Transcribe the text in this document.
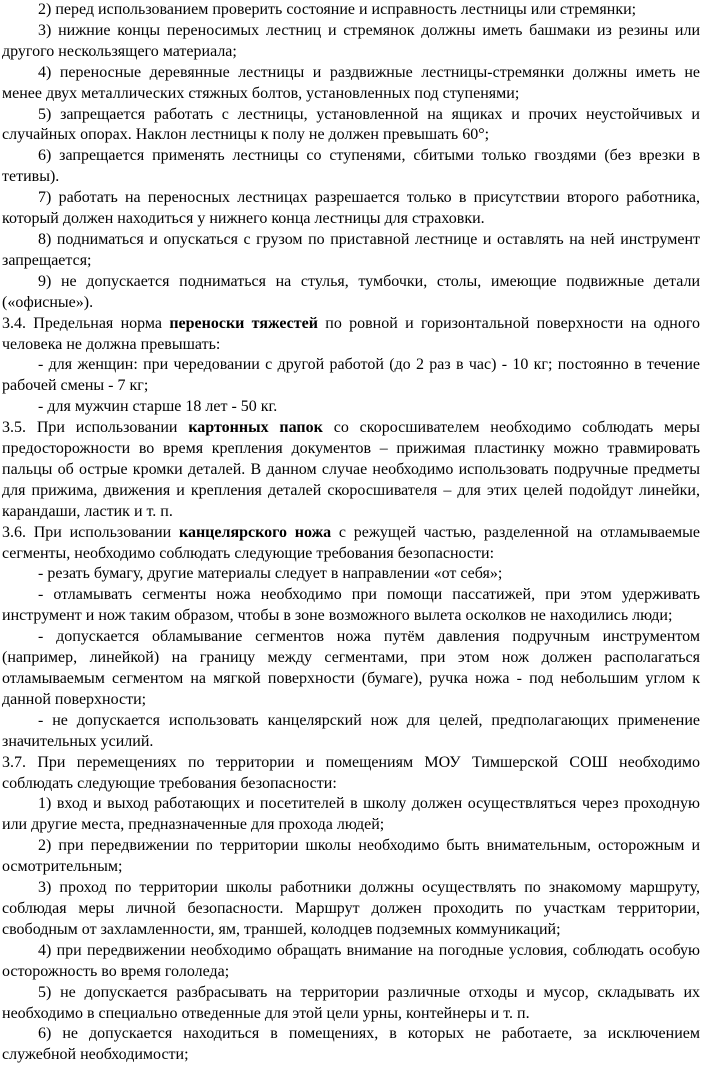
2) перед использованием проверить состояние и исправность лестницы или стремянки;

3) нижние концы переносимых лестниц и стремянок должны иметь башмаки из резины или другого нескользящего материала;

4) переносные деревянные лестницы и раздвижные лестницы-стремянки должны иметь не менее двух металлических стяжных болтов, установленных под ступенями;

5) запрещается работать с лестницы, установленной на ящиках и прочих неустойчивых и случайных опорах. Наклон лестницы к полу не должен превышать 60°;

6) запрещается применять лестницы со ступенями, сбитыми только гвоздями (без врезки в тетивы).

7) работать на переносных лестницах разрешается только в присутствии второго работника, который должен находиться у нижнего конца лестницы для страховки.

8) подниматься и опускаться с грузом по приставной лестнице и оставлять на ней инструмент запрещается;

9) не допускается подниматься на стулья, тумбочки, столы, имеющие подвижные детали («офисные»).

3.4. Предельная норма переноски тяжестей по ровной и горизонтальной поверхности на одного человека не должна превышать:

- для женщин: при чередовании с другой работой (до 2 раз в час) - 10 кг; постоянно в течение рабочей смены - 7 кг;

- для мужчин старше 18 лет - 50 кг.

3.5. При использовании картонных папок со скоросшивателем необходимо соблюдать меры предосторожности во время крепления документов – прижимая пластинку можно травмировать пальцы об острые кромки деталей. В данном случае необходимо использовать подручные предметы для прижима, движения и крепления деталей скоросшивателя – для этих целей подойдут линейки, карандаши, ластик и т. п.

3.6. При использовании канцелярского ножа с режущей частью, разделенной на отламываемые сегменты, необходимо соблюдать следующие требования безопасности:

- резать бумагу, другие материалы следует в направлении «от себя»;

- отламывать сегменты ножа необходимо при помощи пассатижей, при этом удерживать инструмент и нож таким образом, чтобы в зоне возможного вылета осколков не находились люди;

- допускается обламывание сегментов ножа путём давления подручным инструментом (например, линейкой) на границу между сегментами, при этом нож должен располагаться отламываемым сегментом на мягкой поверхности (бумаге), ручка ножа - под небольшим углом к данной поверхности;

- не допускается использовать канцелярский нож для целей, предполагающих применение значительных усилий.

3.7. При перемещениях по территории и помещениям МОУ Тимшерской СОШ необходимо соблюдать следующие требования безопасности:

1) вход и выход работающих и посетителей в школу должен осуществляться через проходную или другие места, предназначенные для прохода людей;

2) при передвижении по территории школы необходимо быть внимательным, осторожным и осмотрительным;

3) проход по территории школы работники должны осуществлять по знакомому маршруту, соблюдая меры личной безопасности. Маршрут должен проходить по участкам территории, свободным от захламленности, ям, траншей, колодцев подземных коммуникаций;

4) при передвижении необходимо обращать внимание на погодные условия, соблюдать особую осторожность во время гололеда;

5) не допускается разбрасывать на территории различные отходы и мусор, складывать их необходимо в специально отведенные для этой цели урны, контейнеры и т. п.

6) не допускается находиться в помещениях, в которых не работаете, за исключением служебной необходимости;
